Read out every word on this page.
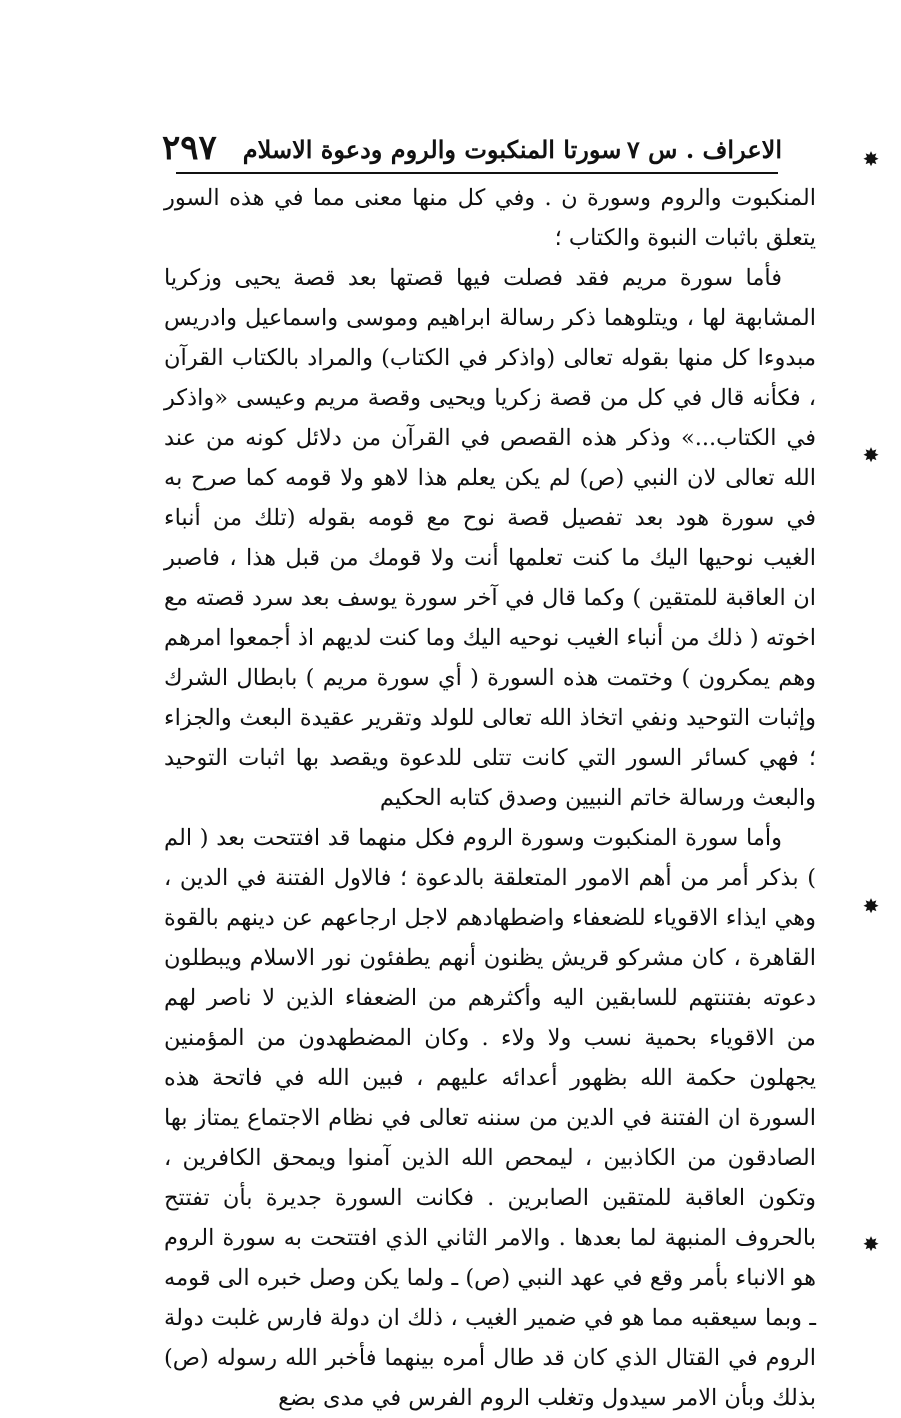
الاعراف . س ٧
سورتا المنكبوت والروم ودعوة الاسلام
٢٩٧

المنكبوت والروم وسورة ن . وفي كل منها معنى مما في هذه السور يتعلق باثبات النبوة والكتاب ؛

فأما سورة مريم فقد فصلت فيها قصتها بعد قصة يحيى وزكريا المشابهة لها ، ويتلوهما ذكر رسالة ابراهيم وموسى واسماعيل وادريس مبدوءا كل منها بقوله تعالى (واذكر في الكتاب) والمراد بالكتاب القرآن ، فكأنه قال في كل من قصة زكريا ويحيى وقصة مريم وعيسى «واذكر في الكتاب...» وذكر هذه القصص في القرآن من دلائل كونه من عند الله تعالى لان النبي (ص) لم يكن يعلم هذا لاهو ولا قومه كما صرح به في سورة هود بعد تفصيل قصة نوح مع قومه بقوله (تلك من أنباء الغيب نوحيها اليك ما كنت تعلمها أنت ولا قومك من قبل هذا ، فاصبر ان العاقبة للمتقين ) وكما قال في آخر سورة يوسف بعد سرد قصته مع اخوته ( ذلك من أنباء الغيب نوحيه اليك وما كنت لديهم اذ أجمعوا امرهم وهم يمكرون ) وختمت هذه السورة ( أي سورة مريم ) بابطال الشرك وإثبات التوحيد ونفي اتخاذ الله تعالى للولد وتقرير عقيدة البعث والجزاء ؛ فهي كسائر السور التي كانت تتلى للدعوة ويقصد بها اثبات التوحيد والبعث ورسالة خاتم النبيين وصدق كتابه الحكيم

وأما سورة المنكبوت وسورة الروم فكل منهما قد افتتحت بعد ( الم ) بذكر أمر من أهم الامور المتعلقة بالدعوة ؛ فالاول الفتنة في الدين ، وهي ايذاء الاقوياء للضعفاء واضطهادهم لاجل ارجاعهم عن دينهم بالقوة القاهرة ، كان مشركو قريش يظنون أنهم يطفئون نور الاسلام ويبطلون دعوته بفتنتهم للسابقين اليه وأكثرهم من الضعفاء الذين لا ناصر لهم من الاقوياء بحمية نسب ولا ولاء . وكان المضطهدون من المؤمنين يجهلون حكمة الله بظهور أعدائه عليهم ، فبين الله في فاتحة هذه السورة ان الفتنة في الدين من سننه تعالى في نظام الاجتماع يمتاز بها الصادقون من الكاذبين ، ليمحص الله الذين آمنوا ويمحق الكافرين ، وتكون العاقبة للمتقين الصابرين . فكانت السورة جديرة بأن تفتتح بالحروف المنبهة لما بعدها . والامر الثاني الذي افتتحت به سورة الروم هو الانباء بأمر وقع في عهد النبي (ص) ـ ولما يكن وصل خبره الى قومه ـ وبما سيعقبه مما هو في ضمير الغيب ، ذلك ان دولة فارس غلبت دولة الروم في القتال الذي كان قد طال أمره بينهما فأخبر الله رسوله (ص) بذلك وبأن الامر سيدول وتغلب الروم الفرس في مدى بضع

✸
✸
✸
✸
